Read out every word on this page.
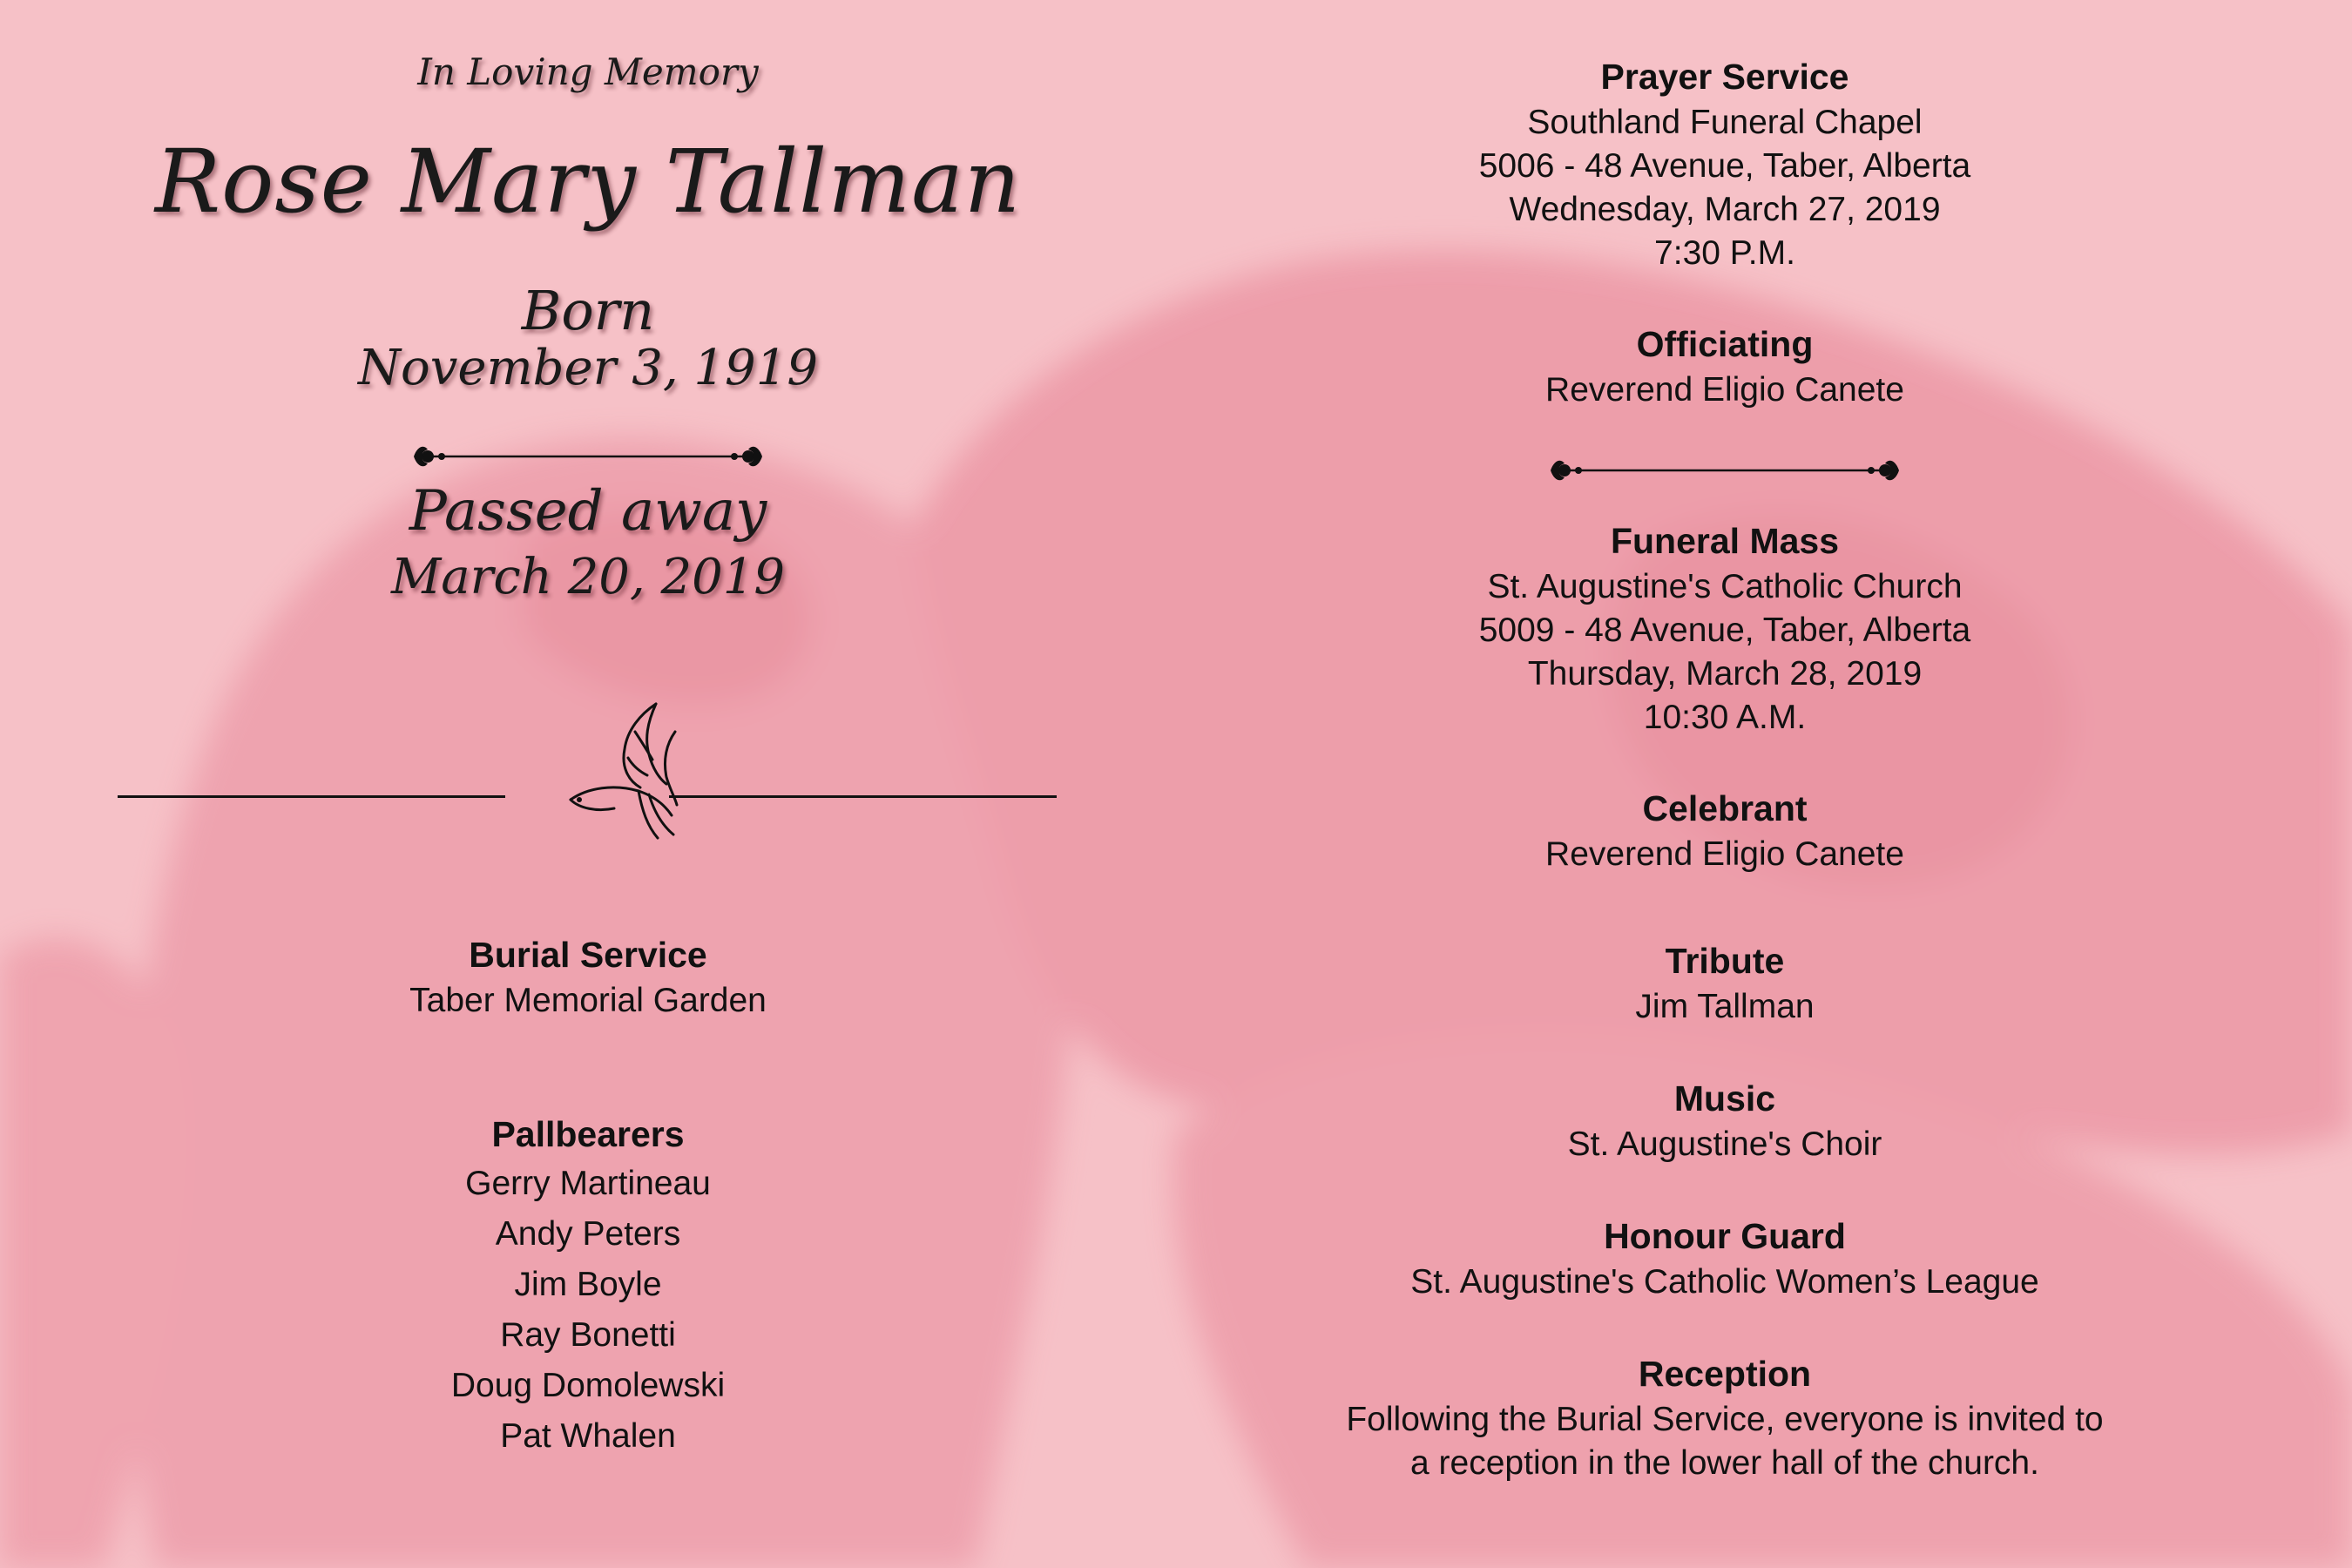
In Loving Memory
Rose Mary Tallman
Born
November 3, 1919
Passed away
March 20, 2019
Burial Service
Taber Memorial Garden
Pallbearers
Gerry Martineau
Andy Peters
Jim Boyle
Ray Bonetti
Doug Domolewski
Pat Whalen
Prayer Service
Southland Funeral Chapel
5006 - 48 Avenue, Taber, Alberta
Wednesday, March 27, 2019
7:30 P.M.
Officiating
Reverend Eligio Canete
Funeral Mass
St. Augustine's Catholic Church
5009 - 48 Avenue, Taber, Alberta
Thursday, March 28, 2019
10:30 A.M.
Celebrant
Reverend Eligio Canete
Tribute
Jim Tallman
Music
St. Augustine's Choir
Honour Guard
St. Augustine's Catholic Women’s League
Reception
Following the Burial Service, everyone is invited to
a reception in the lower hall of the church.
